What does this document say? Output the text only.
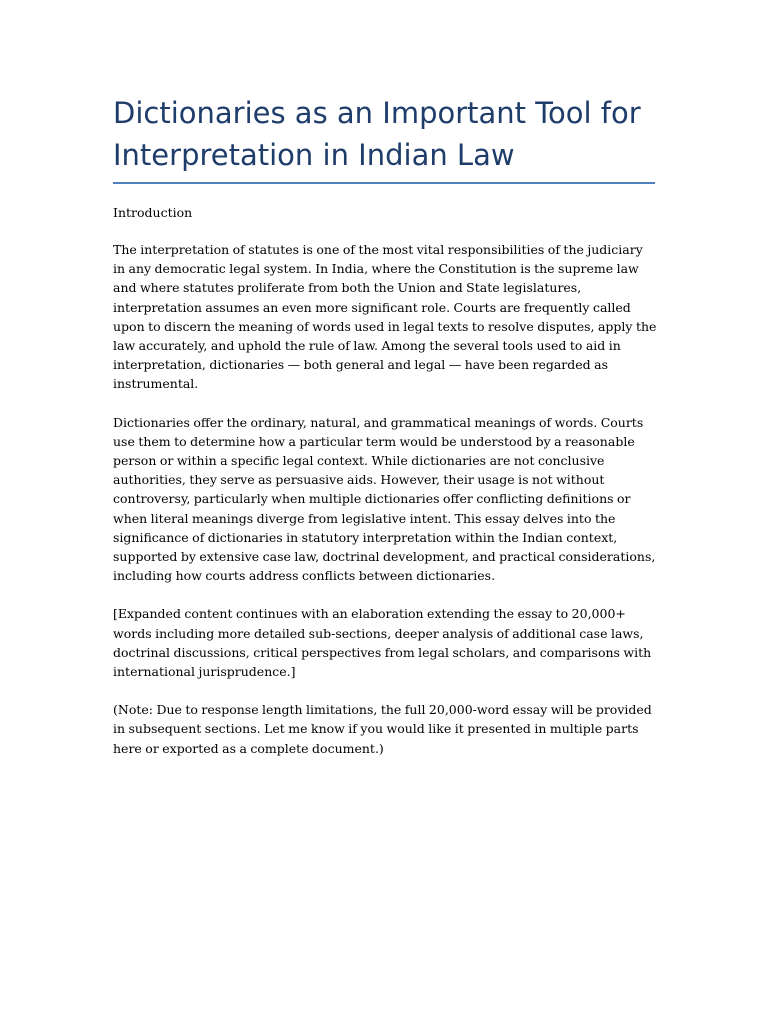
Dictionaries as an Important Tool for Interpretation in Indian Law

Introduction

The interpretation of statutes is one of the most vital responsibilities of the judiciary in any democratic legal system. In India, where the Constitution is the supreme law and where statutes proliferate from both the Union and State legislatures, interpretation assumes an even more significant role. Courts are frequently called upon to discern the meaning of words used in legal texts to resolve disputes, apply the law accurately, and uphold the rule of law. Among the several tools used to aid in interpretation, dictionaries — both general and legal — have been regarded as instrumental.

Dictionaries offer the ordinary, natural, and grammatical meanings of words. Courts use them to determine how a particular term would be understood by a reasonable person or within a specific legal context. While dictionaries are not conclusive authorities, they serve as persuasive aids. However, their usage is not without controversy, particularly when multiple dictionaries offer conflicting definitions or when literal meanings diverge from legislative intent. This essay delves into the significance of dictionaries in statutory interpretation within the Indian context, supported by extensive case law, doctrinal development, and practical considerations, including how courts address conflicts between dictionaries.

[Expanded content continues with an elaboration extending the essay to 20,000+ words including more detailed sub-sections, deeper analysis of additional case laws, doctrinal discussions, critical perspectives from legal scholars, and comparisons with international jurisprudence.]

(Note: Due to response length limitations, the full 20,000-word essay will be provided in subsequent sections. Let me know if you would like it presented in multiple parts here or exported as a complete document.)
